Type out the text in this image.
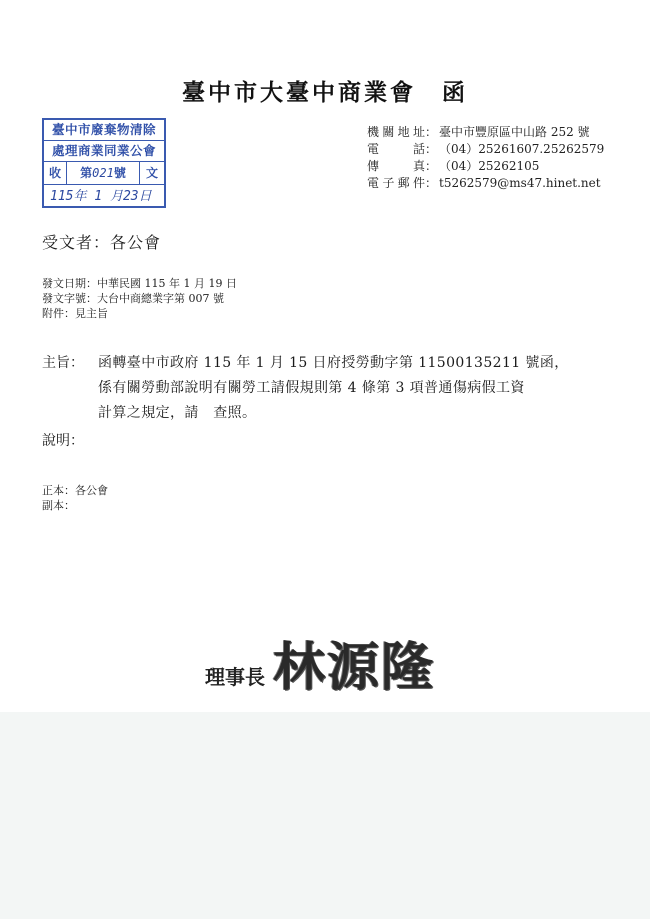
臺中市大臺中商業會 函
臺中市廢棄物清除
處理商業同業公會
收	第021號	文
115年 1 月23日
機關地址 ： 臺中市豐原區中山路 252 號
電話 ： （04）25261607.25262579
傳真 ： （04）25262105
電子郵件 ： t5262579@ms47.hinet.net
受文者：各公會
發文日期：中華民國 115 年 1 月 19 日
發文字號：大台中商總業字第 007 號
附件：見主旨
主旨： 函轉臺中市政府 115 年 1 月 15 日府授勞動字第 11500135211 號函，
係有關勞動部說明有關勞工請假規則第 4 條第 3 項普通傷病假工資
計算之規定，請　查照。
說明：
正本：各公會
副本：
理事長 林源隆
